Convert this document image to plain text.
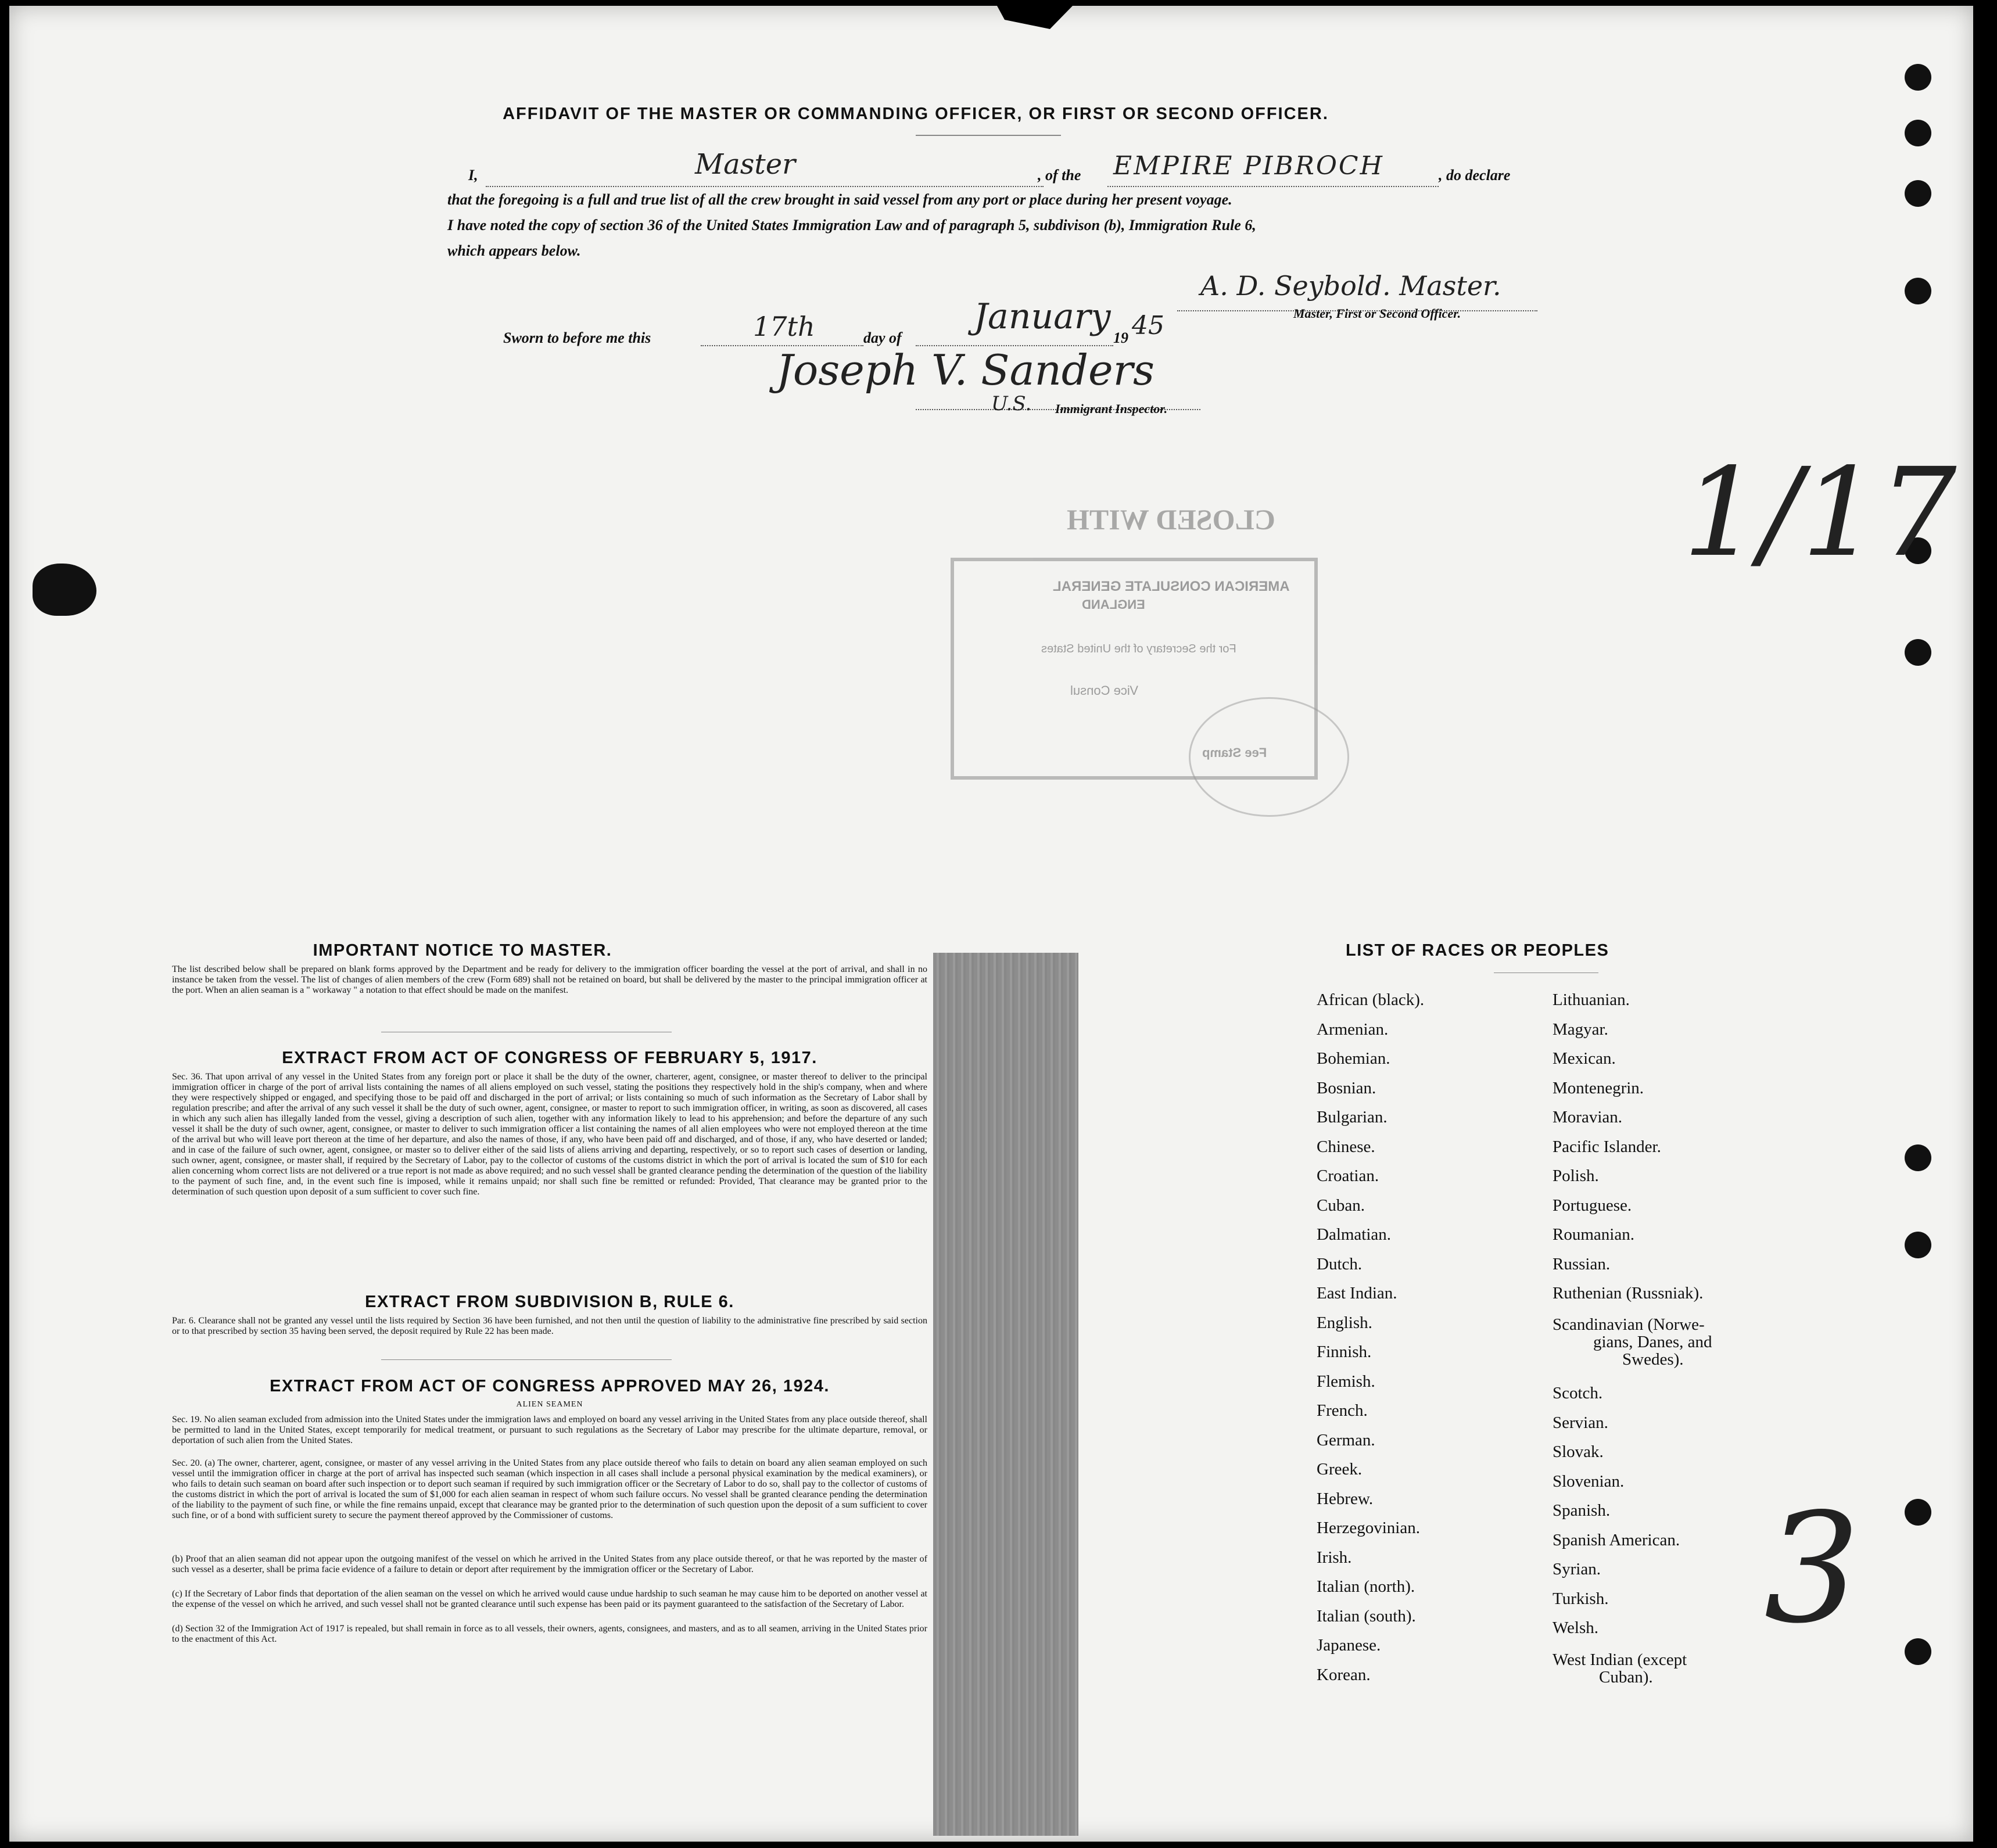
AFFIDAVIT OF THE MASTER OR COMMANDING OFFICER, OR FIRST OR SECOND OFFICER.
I,	Master	, of the EMPIRE PIBROCH	, do declare
that the foregoing is a full and true list of all the crew brought in said vessel from any port or place during her present voyage.
I have noted the copy of section 36 of the United States Immigration Law and of paragraph 5, subdivison (b), Immigration Rule 6,
which appears below.
A. D. Seybold. Master.
Master, First or Second Officer.
Sworn to before me this	17th	day of
January
19 45
Joseph V. Sanders
U.S. Immigrant Inspector.
1/17
3
CLOSED WITH
AMERICAN CONSULATE GENERAL
ENGLAND
For the Secretary of the United States
Vice Consul
Fee Stamp
IMPORTANT NOTICE TO MASTER.
The list described below shall be prepared on blank forms approved by the Department and be ready for delivery to the immigration officer boarding the vessel at the port of arrival, and shall in no instance be taken from the vessel. The list of changes of alien members of the crew (Form 689) shall not be retained on board, but shall be delivered by the master to the principal immigration officer at the port. When an alien seaman is a " workaway " a notation to that effect should be made on the manifest.
EXTRACT FROM ACT OF CONGRESS OF FEBRUARY 5, 1917.
Sec. 36. That upon arrival of any vessel in the United States from any foreign port or place it shall be the duty of the owner, charterer, agent, consignee, or master thereof to deliver to the principal immigration officer in charge of the port of arrival lists containing the names of all aliens employed on such vessel, stating the positions they respectively hold in the ship's company, when and where they were respectively shipped or engaged, and specifying those to be paid off and discharged in the port of arrival; or lists containing so much of such information as the Secretary of Labor shall by regulation prescribe; and after the arrival of any such vessel it shall be the duty of such owner, agent, consignee, or master to report to such immigration officer, in writing, as soon as discovered, all cases in which any such alien has illegally landed from the vessel, giving a description of such alien, together with any information likely to lead to his apprehension; and before the departure of any such vessel it shall be the duty of such owner, agent, consignee, or master to deliver to such immigration officer a list containing the names of all alien employees who were not employed thereon at the time of the arrival but who will leave port thereon at the time of her departure, and also the names of those, if any, who have been paid off and discharged, and of those, if any, who have deserted or landed; and in case of the failure of such owner, agent, consignee, or master so to deliver either of the said lists of aliens arriving and departing, respectively, or so to report such cases of desertion or landing, such owner, agent, consignee, or master shall, if required by the Secretary of Labor, pay to the collector of customs of the customs district in which the port of arrival is located the sum of $10 for each alien concerning whom correct lists are not delivered or a true report is not made as above required; and no such vessel shall be granted clearance pending the determination of the question of the liability to the payment of such fine, and, in the event such fine is imposed, while it remains unpaid; nor shall such fine be remitted or refunded: Provided, That clearance may be granted prior to the determination of such question upon deposit of a sum sufficient to cover such fine.
EXTRACT FROM SUBDIVISION B, RULE 6.
Par. 6. Clearance shall not be granted any vessel until the lists required by Section 36 have been furnished, and not then until the question of liability to the administrative fine prescribed by said section or to that prescribed by section 35 having been served, the deposit required by Rule 22 has been made.
EXTRACT FROM ACT OF CONGRESS APPROVED MAY 26, 1924.
ALIEN SEAMEN
Sec. 19. No alien seaman excluded from admission into the United States under the immigration laws and employed on board any vessel arriving in the United States from any place outside thereof, shall be permitted to land in the United States, except temporarily for medical treatment, or pursuant to such regulations as the Secretary of Labor may prescribe for the ultimate departure, removal, or deportation of such alien from the United States.
Sec. 20. (a) The owner, charterer, agent, consignee, or master of any vessel arriving in the United States from any place outside thereof who fails to detain on board any alien seaman employed on such vessel until the immigration officer in charge at the port of arrival has inspected such seaman (which inspection in all cases shall include a personal physical examination by the medical examiners), or who fails to detain such seaman on board after such inspection or to deport such seaman if required by such immigration officer or the Secretary of Labor to do so, shall pay to the collector of customs of the customs district in which the port of arrival is located the sum of $1,000 for each alien seaman in respect of whom such failure occurs. No vessel shall be granted clearance pending the determination of the liability to the payment of such fine, or while the fine remains unpaid, except that clearance may be granted prior to the determination of such question upon the deposit of a sum sufficient to cover such fine, or of a bond with sufficient surety to secure the payment thereof approved by the Commissioner of customs.
(b) Proof that an alien seaman did not appear upon the outgoing manifest of the vessel on which he arrived in the United States from any place outside thereof, or that he was reported by the master of such vessel as a deserter, shall be prima facie evidence of a failure to detain or deport after requirement by the immigration officer or the Secretary of Labor.
(c) If the Secretary of Labor finds that deportation of the alien seaman on the vessel on which he arrived would cause undue hardship to such seaman he may cause him to be deported on another vessel at the expense of the vessel on which he arrived, and such vessel shall not be granted clearance until such expense has been paid or its payment guaranteed to the satisfaction of the Secretary of Labor.
(d) Section 32 of the Immigration Act of 1917 is repealed, but shall remain in force as to all vessels, their owners, agents, consignees, and masters, and as to all seamen, arriving in the United States prior to the enactment of this Act.
LIST OF RACES OR PEOPLES
African (black).
Armenian.
Bohemian.
Bosnian.
Bulgarian.
Chinese.
Croatian.
Cuban.
Dalmatian.
Dutch.
East Indian.
English.
Finnish.
Flemish.
French.
German.
Greek.
Hebrew.
Herzegovinian.
Irish.
Italian (north).
Italian (south).
Japanese.
Korean.
Lithuanian.
Magyar.
Mexican.
Montenegrin.
Moravian.
Pacific Islander.
Polish.
Portuguese.
Roumanian.
Russian.
Ruthenian (Russniak).
Scandinavian (Norwe-
gians, Danes, and
Swedes).
Scotch.
Servian.
Slovak.
Slovenian.
Spanish.
Spanish American.
Syrian.
Turkish.
Welsh.
West Indian (except
Cuban).
